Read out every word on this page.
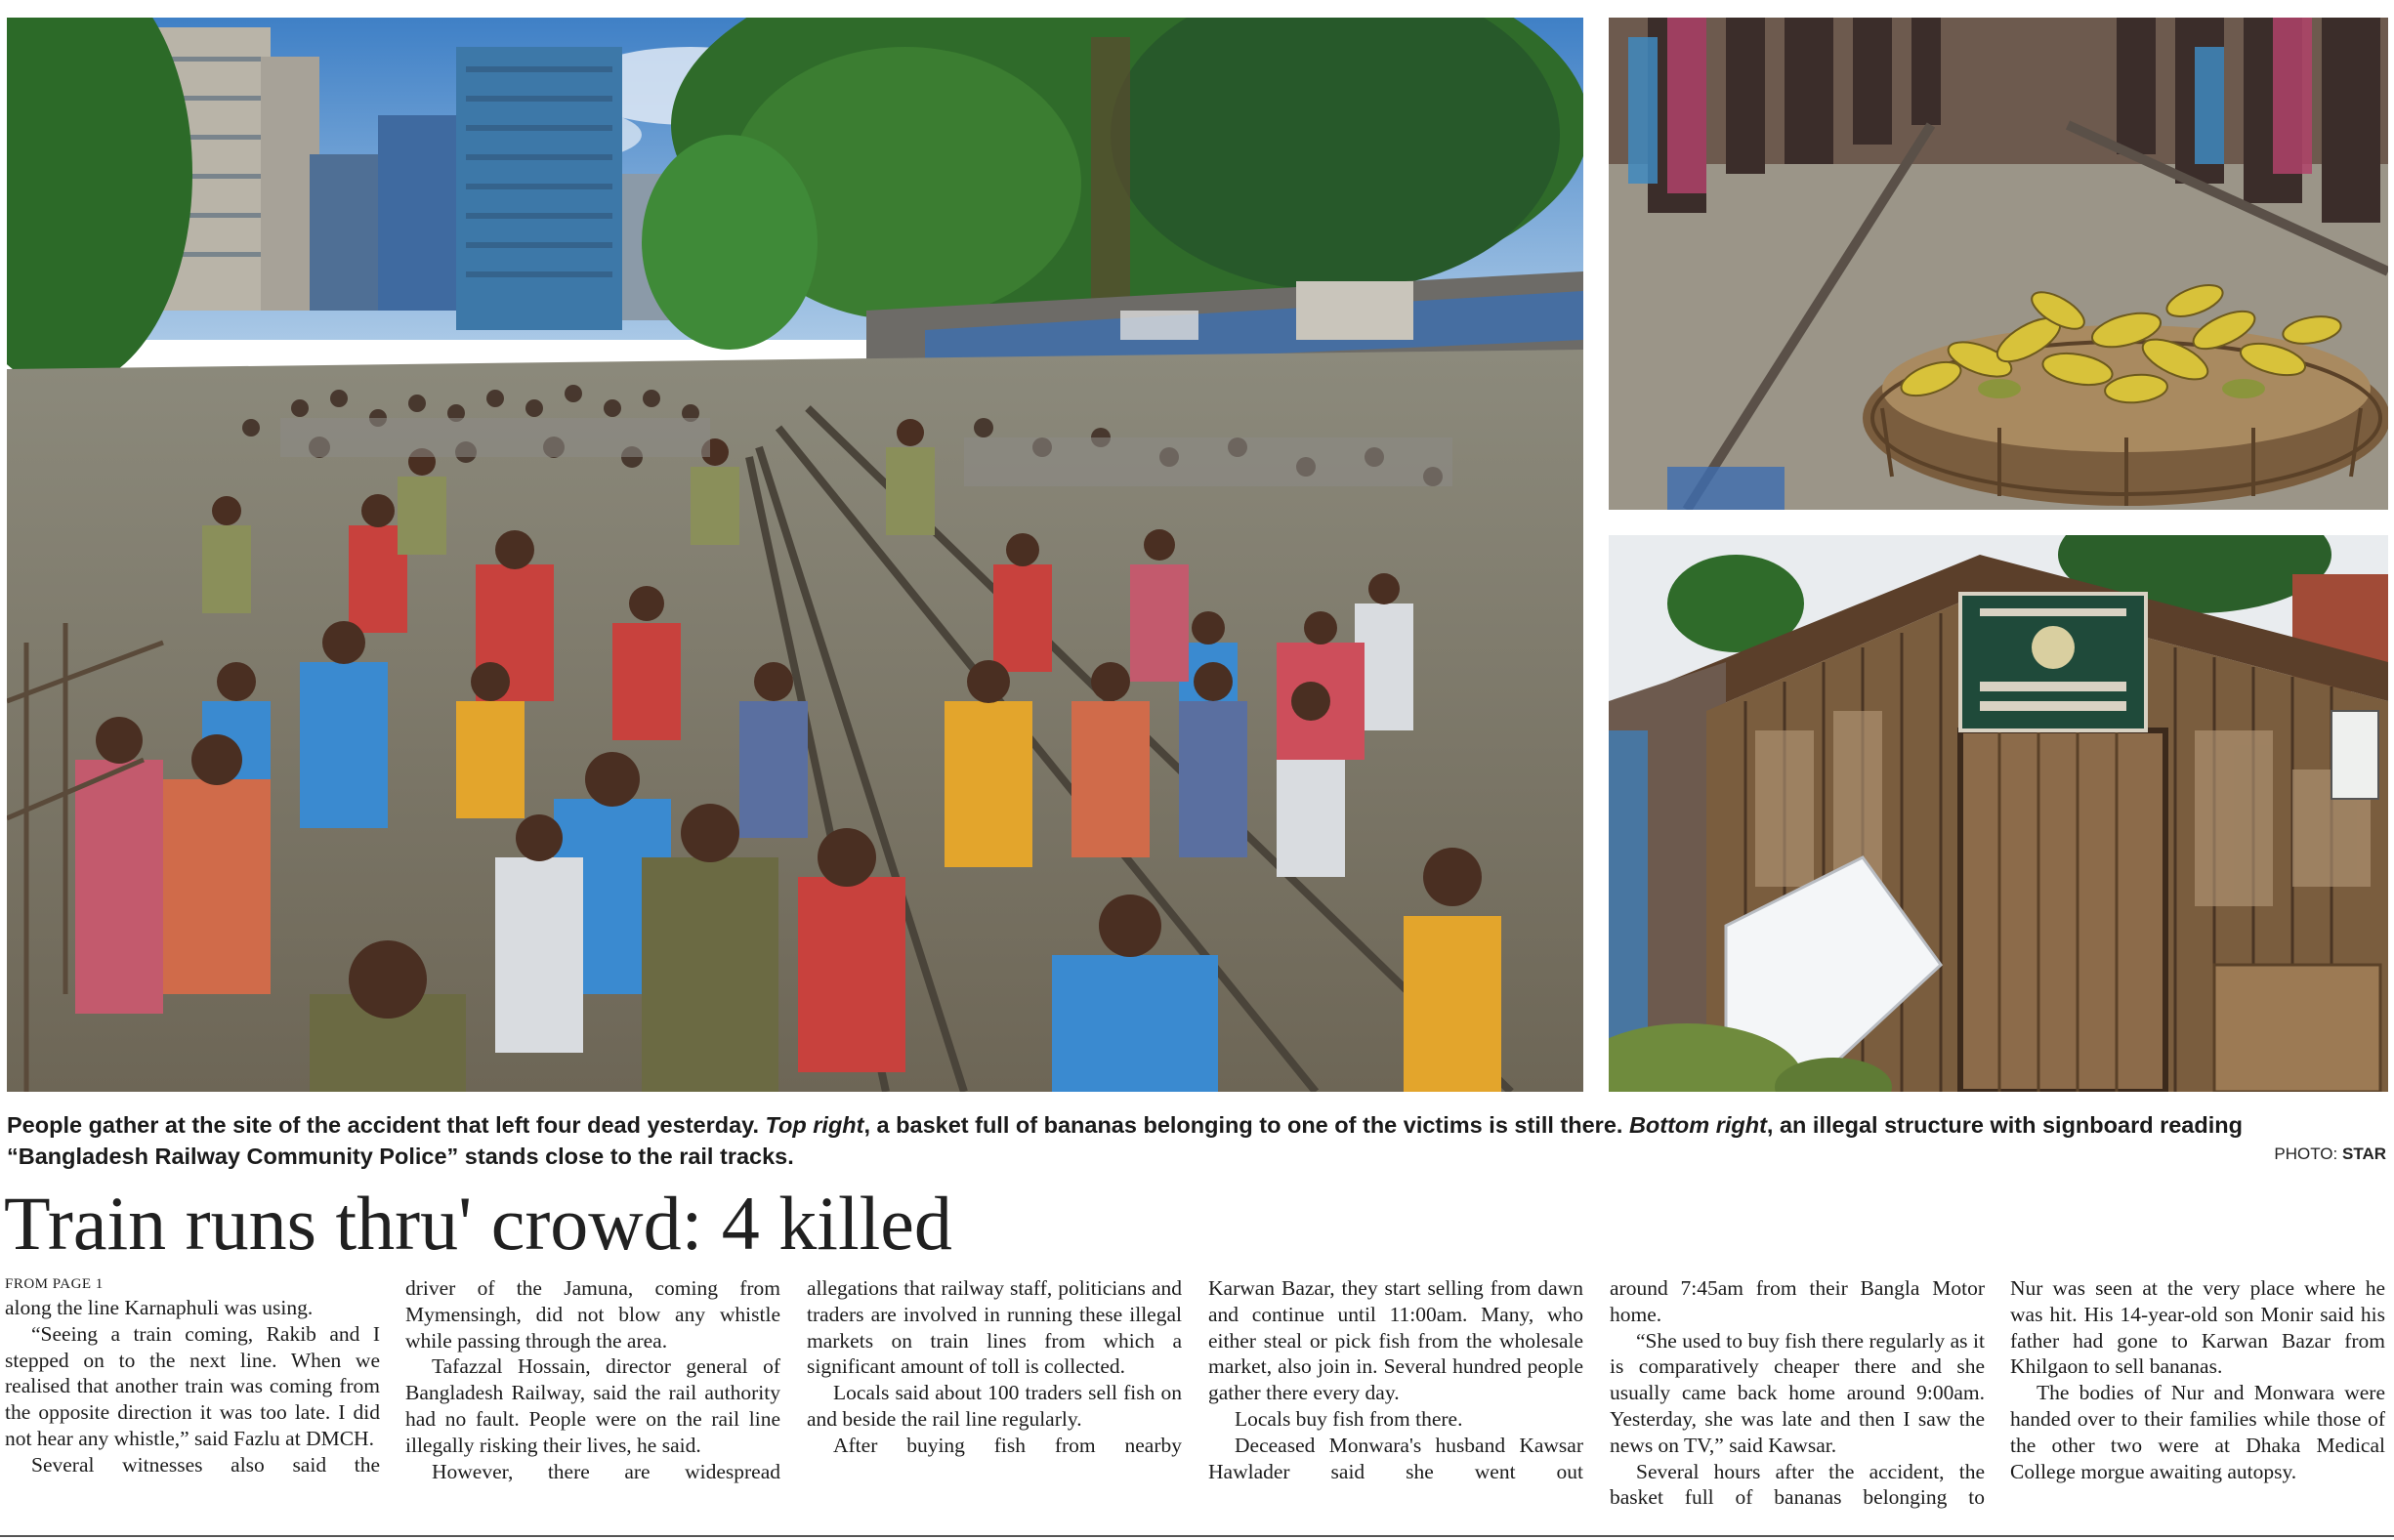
People gather at the site of the accident that left four dead yesterday. Top right, a basket full of bananas belonging to one of the victims is still there. Bottom right, an illegal structure with signboard reading “Bangladesh Railway Community Police” stands close to the rail tracks.	PHOTO: STAR
Train runs thru' crowd: 4 killed

FROM PAGE 1

along the line Karnaphuli was using.

“Seeing a train coming, Rakib and I stepped on to the next line. When we realised that another train was coming from the opposite direction it was too late. I did not hear any whistle,” said Fazlu at DMCH.

Several witnesses also said the

driver of the Jamuna, coming from Mymensingh, did not blow any whistle while passing through the area.

Tafazzal Hossain, director general of Bangladesh Railway, said the rail authority had no fault. People were on the rail line illegally risking their lives, he said.

However, there are widespread

allegations that railway staff, politicians and traders are involved in running these illegal markets on train lines from which a significant amount of toll is collected.

Locals said about 100 traders sell fish on and beside the rail line regularly.

After buying fish from nearby

Karwan Bazar, they start selling from dawn and continue until 11:00am. Many, who either steal or pick fish from the wholesale market, also join in. Several hundred people gather there every day.

Locals buy fish from there.

Deceased Monwara's husband Kawsar Hawlader said she went out

around 7:45am from their Bangla Motor home.

“She used to buy fish there regularly as it is comparatively cheaper there and she usually came back home around 9:00am. Yesterday, she was late and then I saw the news on TV,” said Kawsar.

Several hours after the accident, the basket full of bananas belonging to

Nur was seen at the very place where he was hit. His 14-year-old son Monir said his father had gone to Karwan Bazar from Khilgaon to sell bananas.

The bodies of Nur and Monwara were handed over to their families while those of the other two were at Dhaka Medical College morgue awaiting autopsy.
